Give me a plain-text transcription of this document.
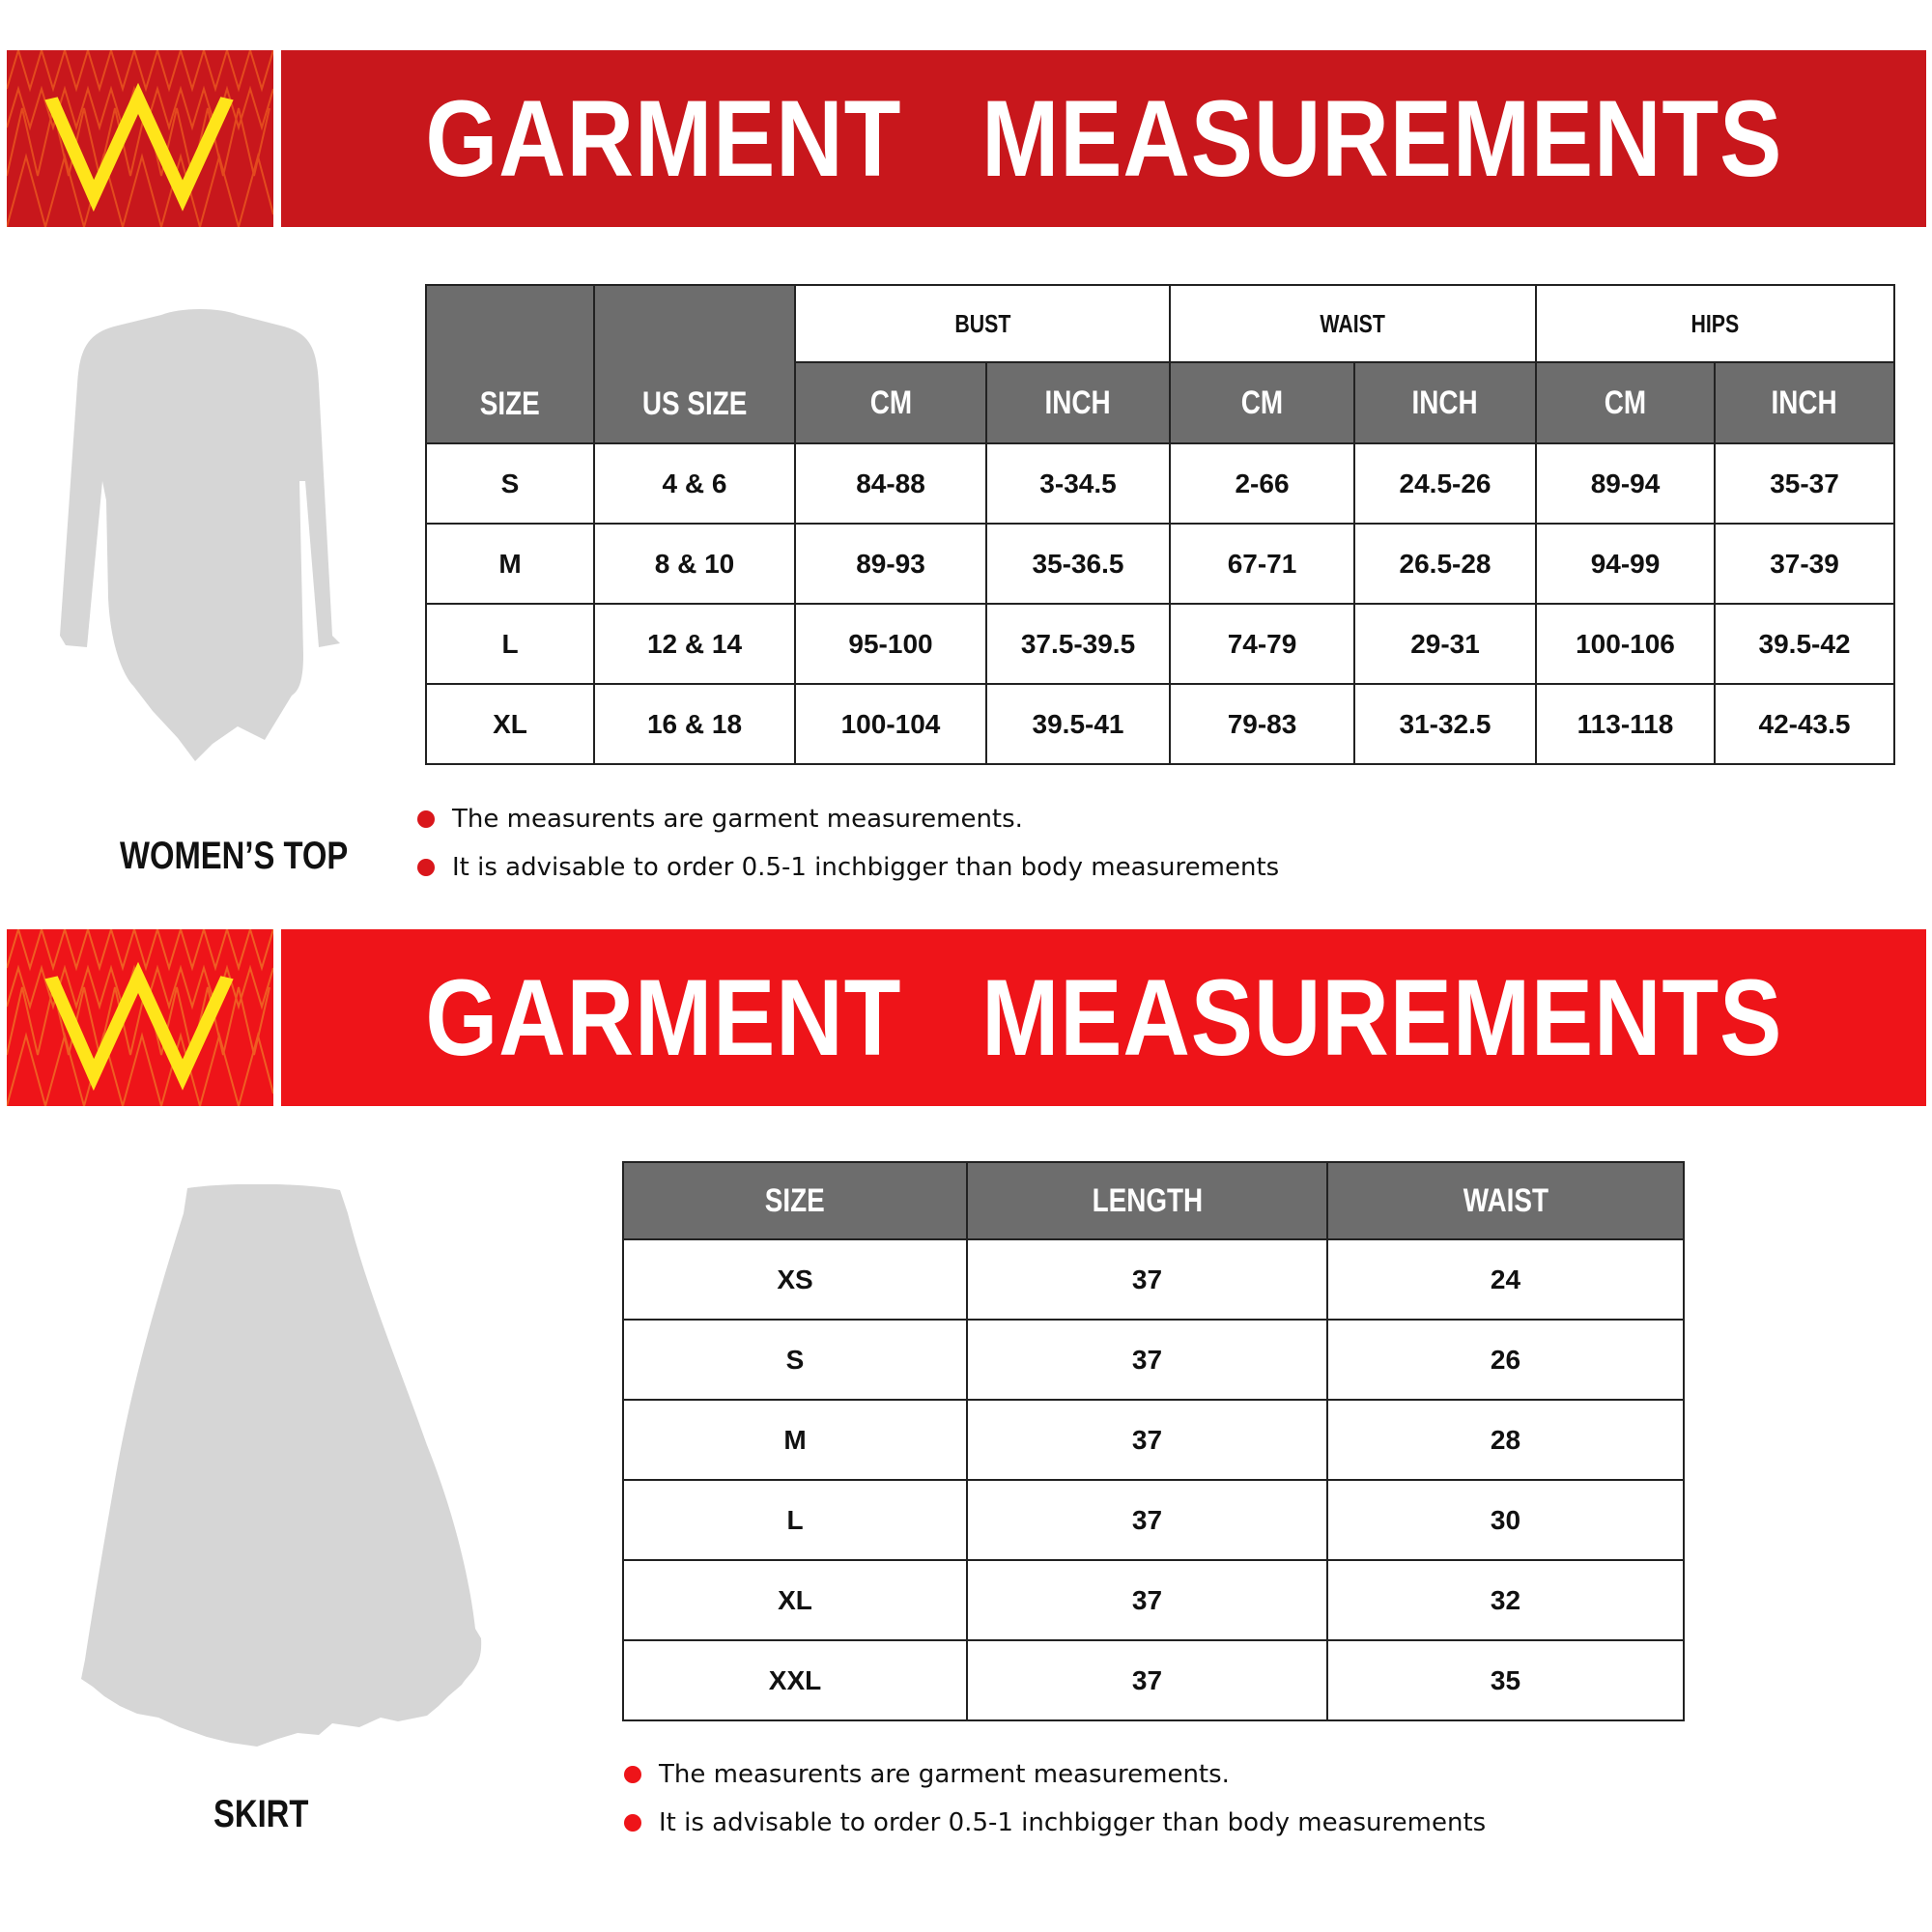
GARMENT   MEASUREMENTS
WOMEN’S TOP
SIZE	US SIZE	BUST		WAIST		HIPS	
		CM	INCH	CM	INCH	CM	INCH
S	4 & 6	84-88	3-34.5	2-66	24.5-26	89-94	35-37
M	8 & 10	89-93	35-36.5	67-71	26.5-28	94-99	37-39
L	12 & 14	95-100	37.5-39.5	74-79	29-31	100-106	39.5-42
XL	16 & 18	100-104	39.5-41	79-83	31-32.5	113-118	42-43.5
The measurents are garment measurements.
It is advisable to order 0.5-1 inchbigger than body measurements
GARMENT   MEASUREMENTS
SKIRT
SIZE	LENGTH	WAIST
XS	37	24
S	37	26
M	37	28
L	37	30
XL	37	32
XXL	37	35
The measurents are garment measurements.
It is advisable to order 0.5-1 inchbigger than body measurements
